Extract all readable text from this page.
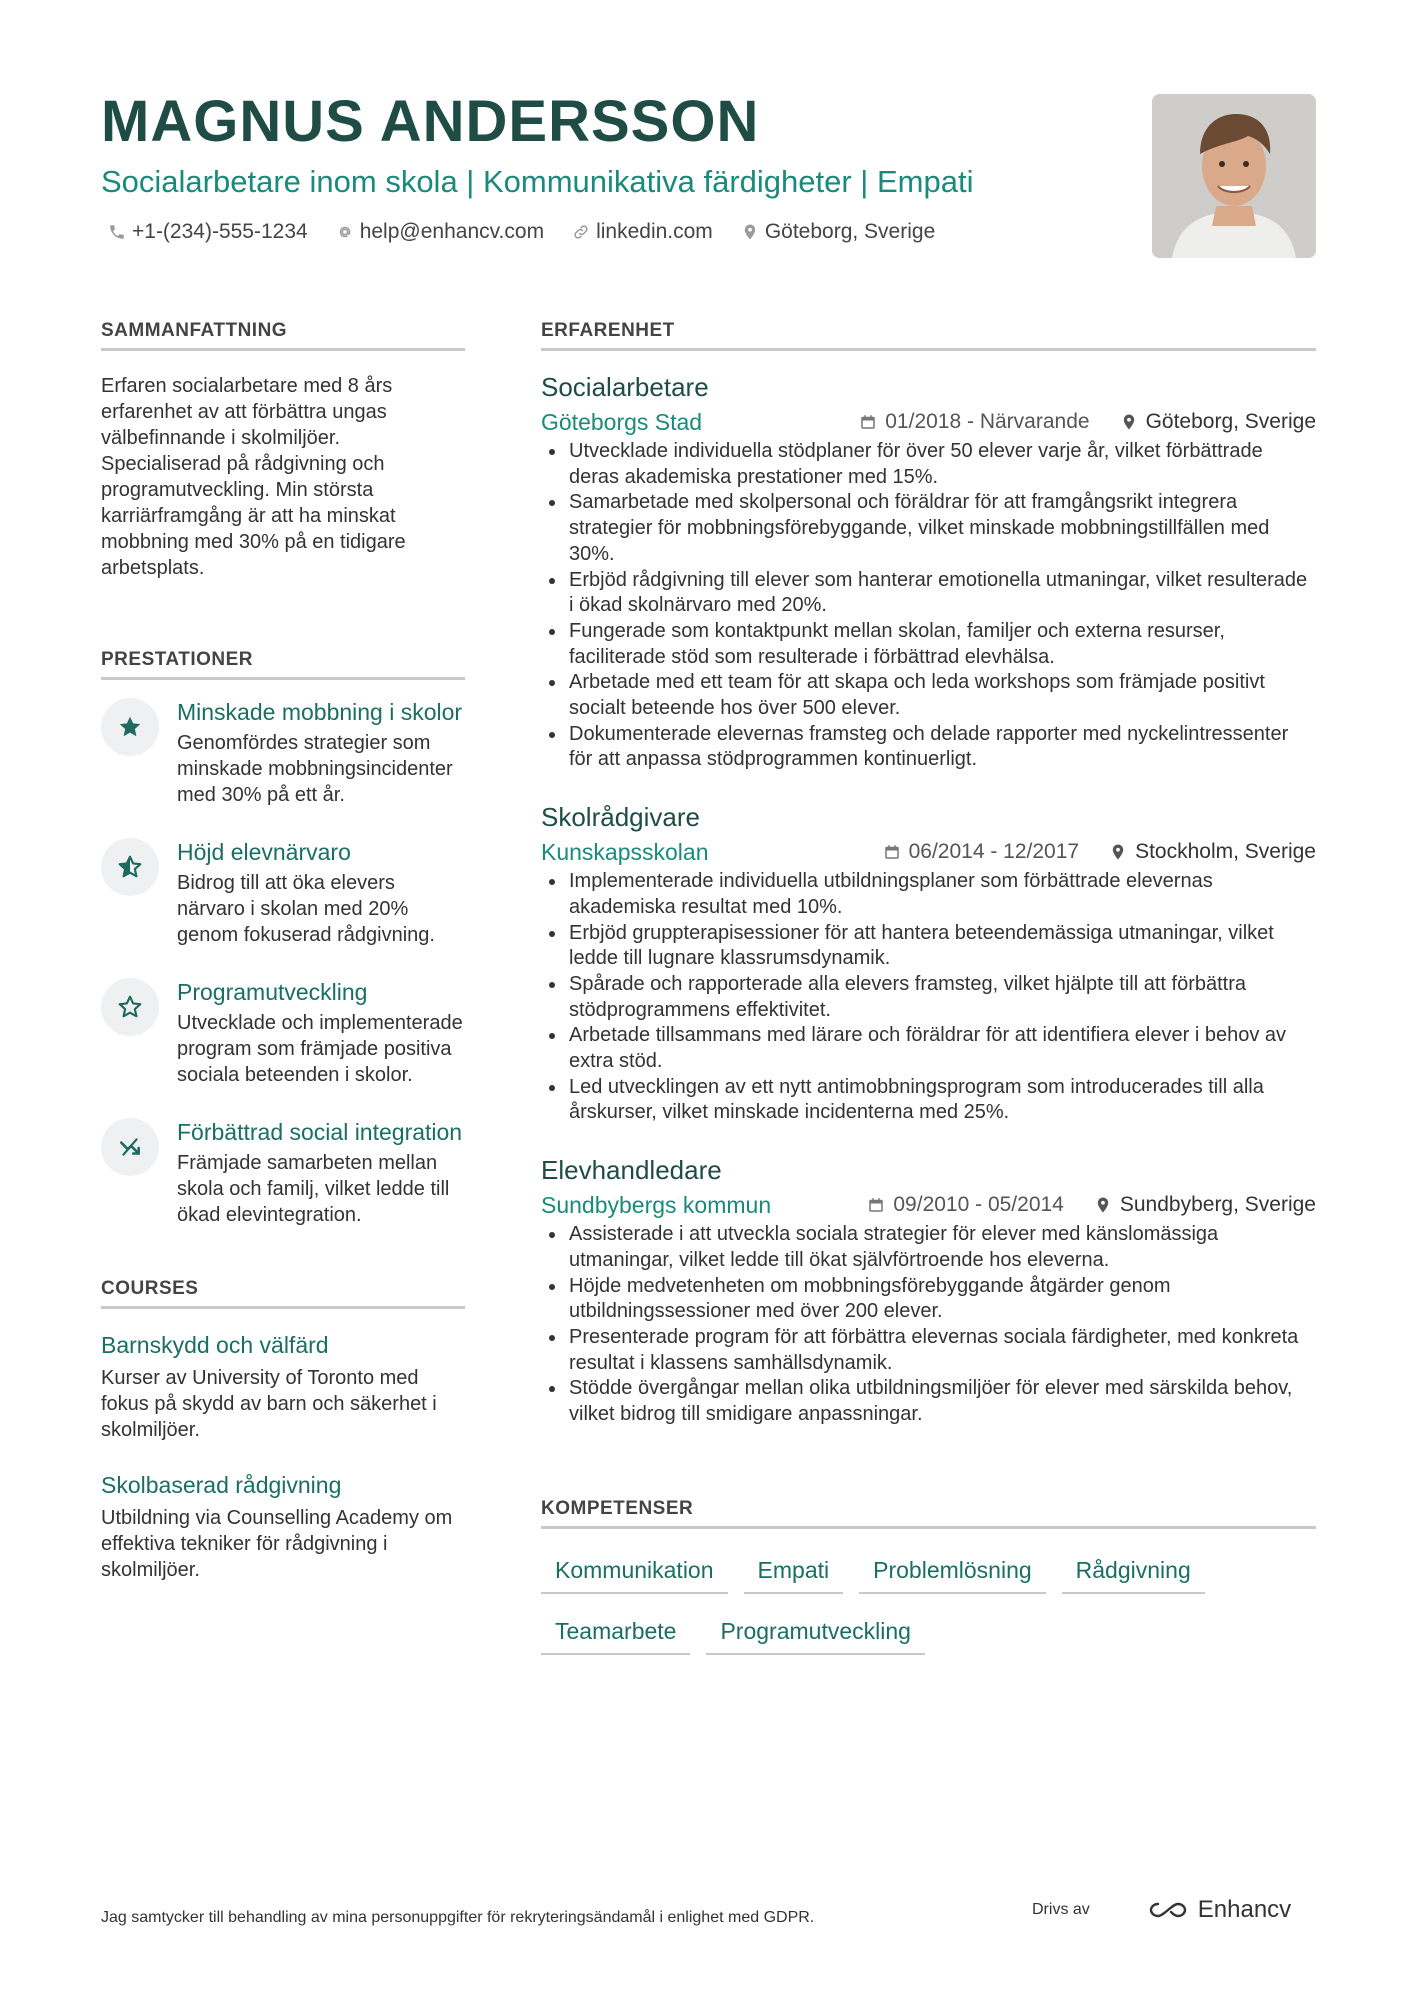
MAGNUS ANDERSSON
Socialarbetare inom skola | Kommunikativa färdigheter | Empati
+1-(234)-555-1234 help@enhancv.com linkedin.com Göteborg, Sverige
SAMMANFATTNING

Erfaren socialarbetare med 8 års erfarenhet av att förbättra ungas välbefinnande i skolmiljöer. Specialiserad på rådgivning och programutveckling. Min största karriärframgång är att ha minskat mobbning med 30% på en tidigare arbetsplats.

PRESTATIONER
Minskade mobbning i skolor
Genomfördes strategier som minskade mobbningsincidenter med 30% på ett år.
Höjd elevnärvaro
Bidrog till att öka elevers närvaro i skolan med 20% genom fokuserad rådgivning.
Programutveckling
Utvecklade och implementerade program som främjade positiva sociala beteenden i skolor.
Förbättrad social integration
Främjade samarbeten mellan skola och familj, vilket ledde till ökad elevintegration.
COURSES
Barnskydd och välfärd
Kurser av University of Toronto med fokus på skydd av barn och säkerhet i skolmiljöer.
Skolbaserad rådgivning
Utbildning via Counselling Academy om effektiva tekniker för rådgivning i skolmiljöer.
ERFARENHET
Socialarbetare
Göteborgs Stad	01/2018 - Närvarande	Göteborg, Sverige
Utvecklade individuella stödplaner för över 50 elever varje år, vilket förbättrade deras akademiska prestationer med 15%.
Samarbetade med skolpersonal och föräldrar för att framgångsrikt integrera strategier för mobbningsförebyggande, vilket minskade mobbningstillfällen med 30%.
Erbjöd rådgivning till elever som hanterar emotionella utmaningar, vilket resulterade i ökad skolnärvaro med 20%.
Fungerade som kontaktpunkt mellan skolan, familjer och externa resurser, faciliterade stöd som resulterade i förbättrad elevhälsa.
Arbetade med ett team för att skapa och leda workshops som främjade positivt socialt beteende hos över 500 elever.
Dokumenterade elevernas framsteg och delade rapporter med nyckelintressenter för att anpassa stödprogrammen kontinuerligt.
Skolrådgivare
Kunskapsskolan	06/2014 - 12/2017	Stockholm, Sverige
Implementerade individuella utbildningsplaner som förbättrade elevernas akademiska resultat med 10%.
Erbjöd gruppterapisessioner för att hantera beteendemässiga utmaningar, vilket ledde till lugnare klassrumsdynamik.
Spårade och rapporterade alla elevers framsteg, vilket hjälpte till att förbättra stödprogrammens effektivitet.
Arbetade tillsammans med lärare och föräldrar för att identifiera elever i behov av extra stöd.
Led utvecklingen av ett nytt antimobbningsprogram som introducerades till alla årskurser, vilket minskade incidenterna med 25%.
Elevhandledare
Sundbybergs kommun	09/2010 - 05/2014	Sundbyberg, Sverige
Assisterade i att utveckla sociala strategier för elever med känslomässiga utmaningar, vilket ledde till ökat självförtroende hos eleverna.
Höjde medvetenheten om mobbningsförebyggande åtgärder genom utbildningssessioner med över 200 elever.
Presenterade program för att förbättra elevernas sociala färdigheter, med konkreta resultat i klassens samhällsdynamik.
Stödde övergångar mellan olika utbildningsmiljöer för elever med särskilda behov, vilket bidrog till smidigare anpassningar.
KOMPETENSER
Kommunikation	Empati	Problemlösning	Rådgivning
Teamarbete	Programutveckling
Jag samtycker till behandling av mina personuppgifter för rekryteringsändamål i enlighet med GDPR.	Drivs av	Enhancv
